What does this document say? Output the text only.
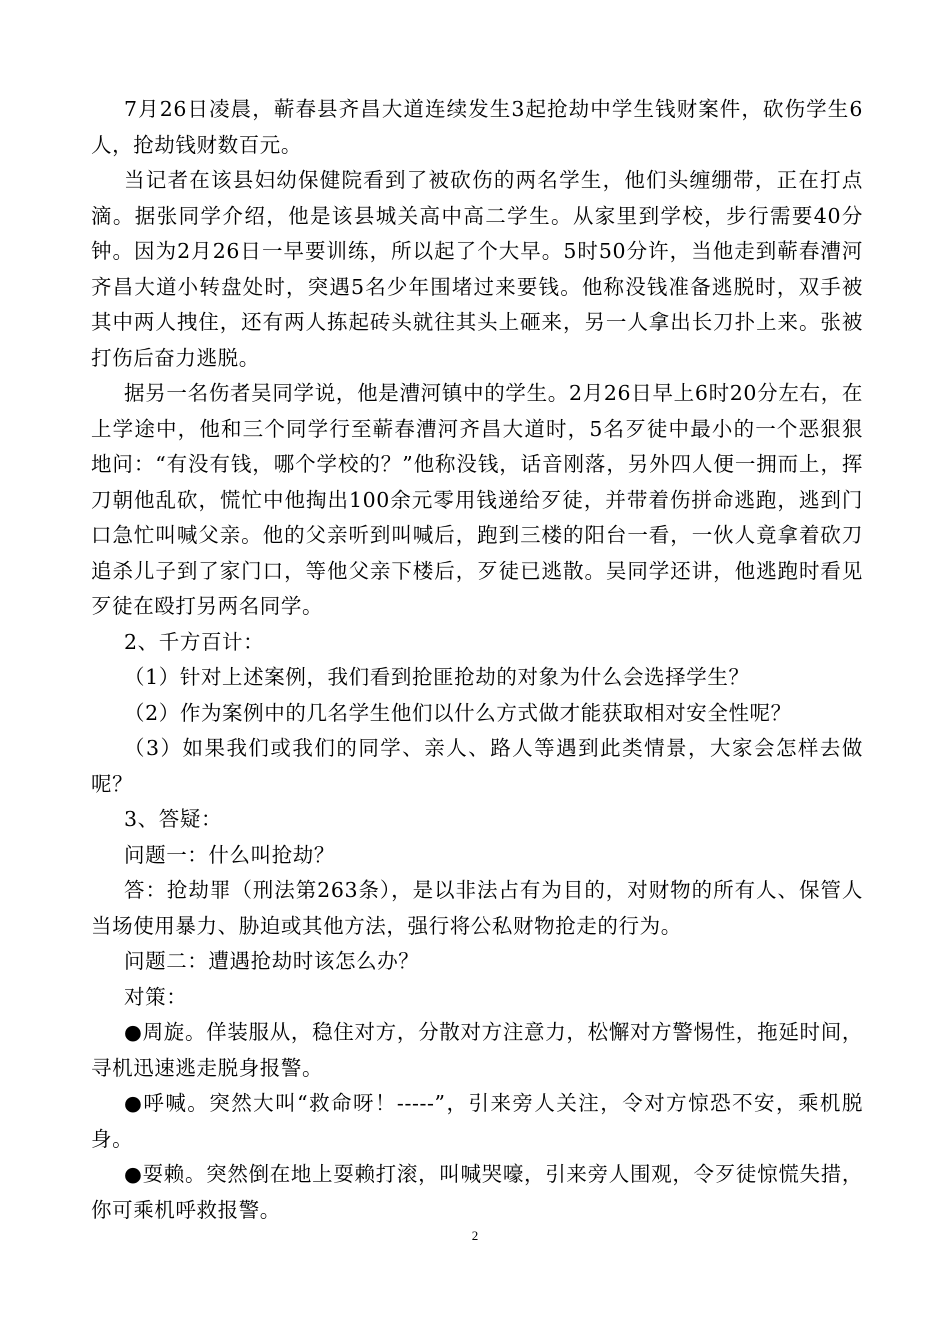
7月26日凌晨，蕲春县齐昌大道连续发生3起抢劫中学生钱财案件，砍伤学生6人，抢劫钱财数百元。

当记者在该县妇幼保健院看到了被砍伤的两名学生，他们头缠绷带，正在打点滴。据张同学介绍，他是该县城关高中高二学生。从家里到学校，步行需要40分钟。因为2月26日一早要训练，所以起了个大早。5时50分许，当他走到蕲春漕河齐昌大道小转盘处时，突遇5名少年围堵过来要钱。他称没钱准备逃脱时，双手被其中两人拽住，还有两人拣起砖头就往其头上砸来，另一人拿出长刀扑上来。张被打伤后奋力逃脱。

据另一名伤者吴同学说，他是漕河镇中的学生。2月26日早上6时20分左右，在上学途中，他和三个同学行至蕲春漕河齐昌大道时，5名歹徒中最小的一个恶狠狠地问：“有没有钱，哪个学校的？”他称没钱，话音刚落，另外四人便一拥而上，挥刀朝他乱砍，慌忙中他掏出100余元零用钱递给歹徒，并带着伤拼命逃跑，逃到门口急忙叫喊父亲。他的父亲听到叫喊后，跑到三楼的阳台一看，一伙人竟拿着砍刀追杀儿子到了家门口，等他父亲下楼后，歹徒已逃散。吴同学还讲，他逃跑时看见歹徒在殴打另两名同学。

2、千方百计：

（1）针对上述案例，我们看到抢匪抢劫的对象为什么会选择学生？

（2）作为案例中的几名学生他们以什么方式做才能获取相对安全性呢？

（3）如果我们或我们的同学、亲人、路人等遇到此类情景，大家会怎样去做呢？

3、答疑：

问题一：什么叫抢劫？

答：抢劫罪（刑法第263条），是以非法占有为目的，对财物的所有人、保管人当场使用暴力、胁迫或其他方法，强行将公私财物抢走的行为。

问题二：遭遇抢劫时该怎么办？

对策：

●周旋。佯装服从，稳住对方，分散对方注意力，松懈对方警惕性，拖延时间，寻机迅速逃走脱身报警。

●呼喊。突然大叫“救命呀！-----”，引来旁人关注，令对方惊恐不安，乘机脱身。

●耍赖。突然倒在地上耍赖打滚，叫喊哭嚎，引来旁人围观，令歹徒惊慌失措，你可乘机呼救报警。

2
